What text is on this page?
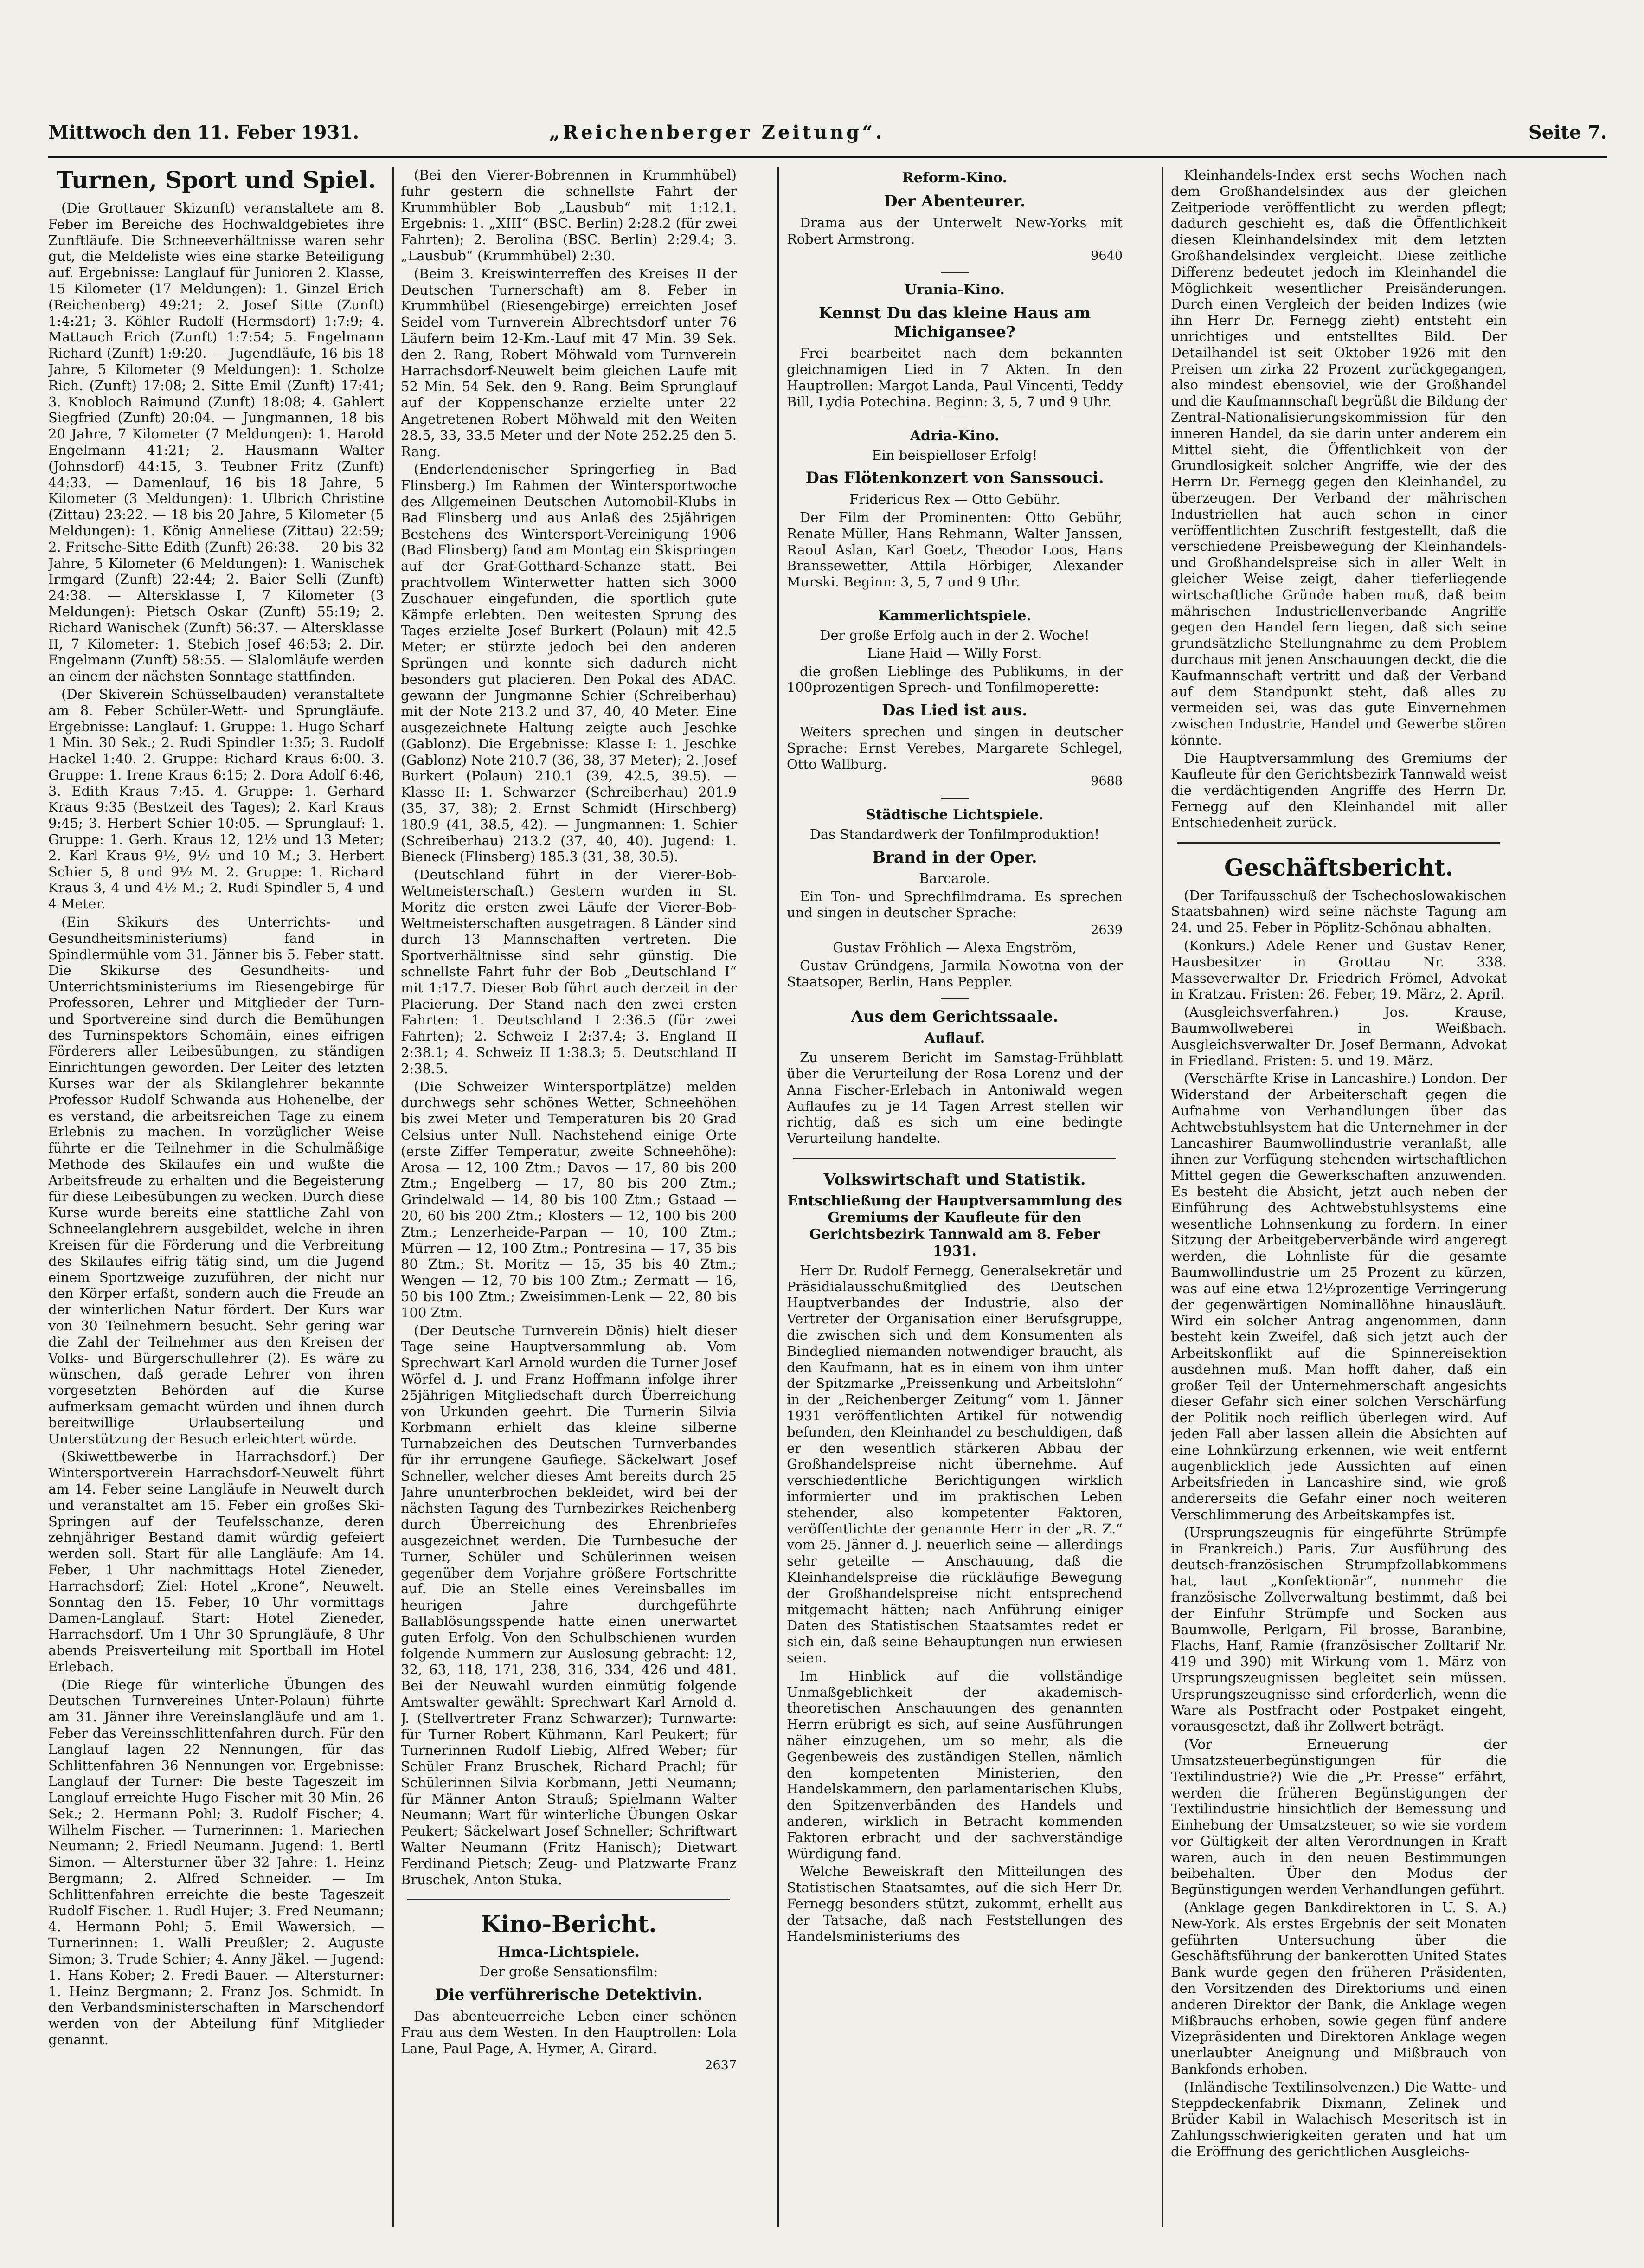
Mittwoch den 11. Feber 1931.	„Reichenberger Zeitung“.	Seite 7.
Turnen, Sport und Spiel.

(Die Grottauer Skizunft) veranstaltete am 8. Feber im Bereiche des Hochwaldgebietes ihre Zunftläufe. Die Schneeverhältnisse waren sehr gut, die Meldeliste wies eine starke Beteiligung auf. Ergebnisse: Langlauf für Junioren 2. Klasse, 15 Kilometer (17 Meldungen): 1. Ginzel Erich (Reichenberg) 49:21; 2. Josef Sitte (Zunft) 1:4:21; 3. Köhler Rudolf (Hermsdorf) 1:7:9; 4. Mattauch Erich (Zunft) 1:7:54; 5. Engelmann Richard (Zunft) 1:9:20. — Jugendläufe, 16 bis 18 Jahre, 5 Kilometer (9 Meldungen): 1. Scholze Rich. (Zunft) 17:08; 2. Sitte Emil (Zunft) 17:41; 3. Knobloch Raimund (Zunft) 18:08; 4. Gahlert Siegfried (Zunft) 20:04. — Jungmannen, 18 bis 20 Jahre, 7 Kilometer (7 Meldungen): 1. Harold Engelmann 41:21; 2. Hausmann Walter (Johnsdorf) 44:15, 3. Teubner Fritz (Zunft) 44:33. — Damenlauf, 16 bis 18 Jahre, 5 Kilometer (3 Meldungen): 1. Ulbrich Christine (Zittau) 23:22. — 18 bis 20 Jahre, 5 Kilometer (5 Meldungen): 1. König Anneliese (Zittau) 22:59; 2. Fritsche-Sitte Edith (Zunft) 26:38. — 20 bis 32 Jahre, 5 Kilometer (6 Meldungen): 1. Wanischek Irmgard (Zunft) 22:44; 2. Baier Selli (Zunft) 24:38. — Altersklasse I, 7 Kilometer (3 Meldungen): Pietsch Oskar (Zunft) 55:19; 2. Richard Wanischek (Zunft) 56:37. — Altersklasse II, 7 Kilometer: 1. Stebich Josef 46:53; 2. Dir. Engelmann (Zunft) 58:55. — Slalomläufe werden an einem der nächsten Sonntage stattfinden.

(Der Skiverein Schüsselbauden) veranstaltete am 8. Feber Schüler-Wett- und Sprungläufe. Ergebnisse: Langlauf: 1. Gruppe: 1. Hugo Scharf 1 Min. 30 Sek.; 2. Rudi Spindler 1:35; 3. Rudolf Hackel 1:40. 2. Gruppe: Richard Kraus 6:00. 3. Gruppe: 1. Irene Kraus 6:15; 2. Dora Adolf 6:46, 3. Edith Kraus 7:45. 4. Gruppe: 1. Gerhard Kraus 9:35 (Bestzeit des Tages); 2. Karl Kraus 9:45; 3. Herbert Schier 10:05. — Sprunglauf: 1. Gruppe: 1. Gerh. Kraus 12, 12½ und 13 Meter; 2. Karl Kraus 9½, 9½ und 10 M.; 3. Herbert Schier 5, 8 und 9½ M. 2. Gruppe: 1. Richard Kraus 3, 4 und 4½ M.; 2. Rudi Spindler 5, 4 und 4 Meter.

(Ein Skikurs des Unterrichts- und Gesundheitsministeriums) fand in Spindlermühle vom 31. Jänner bis 5. Feber statt. Die Skikurse des Gesundheits- und Unterrichtsministeriums im Riesengebirge für Professoren, Lehrer und Mitglieder der Turn- und Sportvereine sind durch die Bemühungen des Turninspektors Schomäin, eines eifrigen Förderers aller Leibesübungen, zu ständigen Einrichtungen geworden. Der Leiter des letzten Kurses war der als Skilanglehrer bekannte Professor Rudolf Schwanda aus Hohenelbe, der es verstand, die arbeitsreichen Tage zu einem Erlebnis zu machen. In vorzüglicher Weise führte er die Teilnehmer in die Schulmäßige Methode des Skilaufes ein und wußte die Arbeitsfreude zu erhalten und die Begeisterung für diese Leibesübungen zu wecken. Durch diese Kurse wurde bereits eine stattliche Zahl von Schneelanglehrern ausgebildet, welche in ihren Kreisen für die Förderung und die Verbreitung des Skilaufes eifrig tätig sind, um die Jugend einem Sportzweige zuzuführen, der nicht nur den Körper erfaßt, sondern auch die Freude an der winterlichen Natur fördert. Der Kurs war von 30 Teilnehmern besucht. Sehr gering war die Zahl der Teilnehmer aus den Kreisen der Volks- und Bürgerschullehrer (2). Es wäre zu wünschen, daß gerade Lehrer von ihren vorgesetzten Behörden auf die Kurse aufmerksam gemacht würden und ihnen durch bereitwillige Urlaubserteilung und Unterstützung der Besuch erleichtert würde.

(Skiwettbewerbe in Harrachsdorf.) Der Wintersportverein Harrachsdorf-Neuwelt führt am 14. Feber seine Langläufe in Neuwelt durch und veranstaltet am 15. Feber ein großes Ski-Springen auf der Teufelsschanze, deren zehnjähriger Bestand damit würdig gefeiert werden soll. Start für alle Langläufe: Am 14. Feber, 1 Uhr nachmittags Hotel Zieneder, Harrachsdorf; Ziel: Hotel „Krone“, Neuwelt. Sonntag den 15. Feber, 10 Uhr vormittags Damen-Langlauf. Start: Hotel Zieneder, Harrachsdorf. Um 1 Uhr 30 Sprungläufe, 8 Uhr abends Preisverteilung mit Sportball im Hotel Erlebach.

(Die Riege für winterliche Übungen des Deutschen Turnvereines Unter-Polaun) führte am 31. Jänner ihre Vereinslangläufe und am 1. Feber das Vereinsschlittenfahren durch. Für den Langlauf lagen 22 Nennungen, für das Schlittenfahren 36 Nennungen vor. Ergebnisse: Langlauf der Turner: Die beste Tageszeit im Langlauf erreichte Hugo Fischer mit 30 Min. 26 Sek.; 2. Hermann Pohl; 3. Rudolf Fischer; 4. Wilhelm Fischer. — Turnerinnen: 1. Mariechen Neumann; 2. Friedl Neumann. Jugend: 1. Bertl Simon. — Altersturner über 32 Jahre: 1. Heinz Bergmann; 2. Alfred Schneider. — Im Schlittenfahren erreichte die beste Tageszeit Rudolf Fischer. 1. Rudl Hujer; 3. Fred Neumann; 4. Hermann Pohl; 5. Emil Wawersich. — Turnerinnen: 1. Walli Preußler; 2. Auguste Simon; 3. Trude Schier; 4. Anny Jäkel. — Jugend: 1. Hans Kober; 2. Fredi Bauer. — Altersturner: 1. Heinz Bergmann; 2. Franz Jos. Schmidt. In den Verbandsministerschaften in Marschendorf werden von der Abteilung fünf Mitglieder genannt.

(Bei den Vierer-Bobrennen in Krummhübel) fuhr gestern die schnellste Fahrt der Krummhübler Bob „Lausbub“ mit 1:12.1. Ergebnis: 1. „XIII“ (BSC. Berlin) 2:28.2 (für zwei Fahrten); 2. Berolina (BSC. Berlin) 2:29.4; 3. „Lausbub“ (Krummhübel) 2:30.

(Beim 3. Kreiswinterreffen des Kreises II der Deutschen Turnerschaft) am 8. Feber in Krummhübel (Riesengebirge) erreichten Josef Seidel vom Turnverein Albrechtsdorf unter 76 Läufern beim 12-Km.-Lauf mit 47 Min. 39 Sek. den 2. Rang, Robert Möhwald vom Turnverein Harrachsdorf-Neuwelt beim gleichen Laufe mit 52 Min. 54 Sek. den 9. Rang. Beim Sprunglauf auf der Koppenschanze erzielte unter 22 Angetretenen Robert Möhwald mit den Weiten 28.5, 33, 33.5 Meter und der Note 252.25 den 5. Rang.

(Enderlendenischer Springerfieg in Bad Flinsberg.) Im Rahmen der Wintersportwoche des Allgemeinen Deutschen Automobil-Klubs in Bad Flinsberg und aus Anlaß des 25jährigen Bestehens des Wintersport-Vereinigung 1906 (Bad Flinsberg) fand am Montag ein Skispringen auf der Graf-Gotthard-Schanze statt. Bei prachtvollem Winterwetter hatten sich 3000 Zuschauer eingefunden, die sportlich gute Kämpfe erlebten. Den weitesten Sprung des Tages erzielte Josef Burkert (Polaun) mit 42.5 Meter; er stürzte jedoch bei den anderen Sprüngen und konnte sich dadurch nicht besonders gut placieren. Den Pokal des ADAC. gewann der Jungmanne Schier (Schreiberhau) mit der Note 213.2 und 37, 40, 40 Meter. Eine ausgezeichnete Haltung zeigte auch Jeschke (Gablonz). Die Ergebnisse: Klasse I: 1. Jeschke (Gablonz) Note 210.7 (36, 38, 37 Meter); 2. Josef Burkert (Polaun) 210.1 (39, 42.5, 39.5). — Klasse II: 1. Schwarzer (Schreiberhau) 201.9 (35, 37, 38); 2. Ernst Schmidt (Hirschberg) 180.9 (41, 38.5, 42). — Jungmannen: 1. Schier (Schreiberhau) 213.2 (37, 40, 40). Jugend: 1. Bieneck (Flinsberg) 185.3 (31, 38, 30.5).

(Deutschland führt in der Vierer-Bob-Weltmeisterschaft.) Gestern wurden in St. Moritz die ersten zwei Läufe der Vierer-Bob-Weltmeisterschaften ausgetragen. 8 Länder sind durch 13 Mannschaften vertreten. Die Sportverhältnisse sind sehr günstig. Die schnellste Fahrt fuhr der Bob „Deutschland I“ mit 1:17.7. Dieser Bob führt auch derzeit in der Placierung. Der Stand nach den zwei ersten Fahrten: 1. Deutschland I 2:36.5 (für zwei Fahrten); 2. Schweiz I 2:37.4; 3. England II 2:38.1; 4. Schweiz II 1:38.3; 5. Deutschland II 2:38.5.

(Die Schweizer Wintersportplätze) melden durchwegs sehr schönes Wetter, Schneehöhen bis zwei Meter und Temperaturen bis 20 Grad Celsius unter Null. Nachstehend einige Orte (erste Ziffer Temperatur, zweite Schneehöhe): Arosa — 12, 100 Ztm.; Davos — 17, 80 bis 200 Ztm.; Engelberg — 17, 80 bis 200 Ztm.; Grindelwald — 14, 80 bis 100 Ztm.; Gstaad — 20, 60 bis 200 Ztm.; Klosters — 12, 100 bis 200 Ztm.; Lenzerheide-Parpan — 10, 100 Ztm.; Mürren — 12, 100 Ztm.; Pontresina — 17, 35 bis 80 Ztm.; St. Moritz — 15, 35 bis 40 Ztm.; Wengen — 12, 70 bis 100 Ztm.; Zermatt — 16, 50 bis 100 Ztm.; Zweisimmen-Lenk — 22, 80 bis 100 Ztm.

(Der Deutsche Turnverein Dönis) hielt dieser Tage seine Hauptversammlung ab. Vom Sprechwart Karl Arnold wurden die Turner Josef Wörfel d. J. und Franz Hoffmann infolge ihrer 25jährigen Mitgliedschaft durch Überreichung von Urkunden geehrt. Die Turnerin Silvia Korbmann erhielt das kleine silberne Turnabzeichen des Deutschen Turnverbandes für ihr errungene Gaufiege. Säckelwart Josef Schneller, welcher dieses Amt bereits durch 25 Jahre ununterbrochen bekleidet, wird bei der nächsten Tagung des Turnbezirkes Reichenberg durch Überreichung des Ehrenbriefes ausgezeichnet werden. Die Turnbesuche der Turner, Schüler und Schülerinnen weisen gegenüber dem Vorjahre größere Fortschritte auf. Die an Stelle eines Vereinsballes im heurigen Jahre durchgeführte Ballablösungsspende hatte einen unerwartet guten Erfolg. Von den Schulbschienen wurden folgende Nummern zur Auslosung gebracht: 12, 32, 63, 118, 171, 238, 316, 334, 426 und 481. Bei der Neuwahl wurden einmütig folgende Amtswalter gewählt: Sprechwart Karl Arnold d. J. (Stellvertreter Franz Schwarzer); Turnwarte: für Turner Robert Kühmann, Karl Peukert; für Turnerinnen Rudolf Liebig, Alfred Weber; für Schüler Franz Bruschek, Richard Prachl; für Schülerinnen Silvia Korbmann, Jetti Neumann; für Männer Anton Strauß; Spielmann Walter Neumann; Wart für winterliche Übungen Oskar Peukert; Säckelwart Josef Schneller; Schriftwart Walter Neumann (Fritz Hanisch); Dietwart Ferdinand Pietsch; Zeug- und Platzwarte Franz Bruschek, Anton Stuka.

Kino-Bericht.
Hmca-Lichtspiele.
Der große Sensationsfilm:
Die verführerische Detektivin.

Das abenteuerreiche Leben einer schönen Frau aus dem Westen. In den Hauptrollen: Lola Lane, Paul Page, A. Hymer, A. Girard.

2637
Reform-Kino.
Der Abenteurer.

Drama aus der Unterwelt New-Yorks mit Robert Armstrong.

9640
Urania-Kino.
Kennst Du das kleine Haus am Michigansee?

Frei bearbeitet nach dem bekannten gleichnamigen Lied in 7 Akten. In den Hauptrollen: Margot Landa, Paul Vincenti, Teddy Bill, Lydia Potechina. Beginn: 3, 5, 7 und 9 Uhr.

Adria-Kino.
Ein beispielloser Erfolg!
Das Flötenkonzert von Sanssouci.
Fridericus Rex — Otto Gebühr.

Der Film der Prominenten: Otto Gebühr, Renate Müller, Hans Rehmann, Walter Janssen, Raoul Aslan, Karl Goetz, Theodor Loos, Hans Branssewetter, Attila Hörbiger, Alexander Murski. Beginn: 3, 5, 7 und 9 Uhr.

Kammerlichtspiele.
Der große Erfolg auch in der 2. Woche!
Liane Haid — Willy Forst.

die großen Lieblinge des Publikums, in der 100prozentigen Sprech- und Tonfilmoperette:

Das Lied ist aus.

Weiters sprechen und singen in deutscher Sprache: Ernst Verebes, Margarete Schlegel, Otto Wallburg.

9688
Städtische Lichtspiele.
Das Standardwerk der Tonfilmproduktion!
Brand in der Oper.
Barcarole.

Ein Ton- und Sprechfilmdrama. Es sprechen und singen in deutscher Sprache:

2639
Gustav Fröhlich — Alexa Engström,

Gustav Gründgens, Jarmila Nowotna von der Staatsoper, Berlin, Hans Peppler.

Aus dem Gerichtssaale.
Auflauf.

Zu unserem Bericht im Samstag-Frühblatt über die Verurteilung der Rosa Lorenz und der Anna Fischer-Erlebach in Antoniwald wegen Auflaufes zu je 14 Tagen Arrest stellen wir richtig, daß es sich um eine bedingte Verurteilung handelte.

Volkswirtschaft und Statistik.
Entschließung der Hauptversammlung des Gremiums der Kaufleute für den Gerichtsbezirk Tannwald am 8. Feber 1931.

Herr Dr. Rudolf Fernegg, Generalsekretär und Präsidialausschußmitglied des Deutschen Hauptverbandes der Industrie, also der Vertreter der Organisation einer Berufsgruppe, die zwischen sich und dem Konsumenten als Bindeglied niemanden notwendiger braucht, als den Kaufmann, hat es in einem von ihm unter der Spitzmarke „Preissenkung und Arbeitslohn“ in der „Reichenberger Zeitung“ vom 1. Jänner 1931 veröffentlichten Artikel für notwendig befunden, den Kleinhandel zu beschuldigen, daß er den wesentlich stärkeren Abbau der Großhandelspreise nicht übernehme. Auf verschiedentliche Berichtigungen wirklich informierter und im praktischen Leben stehender, also kompetenter Faktoren, veröffentlichte der genannte Herr in der „R. Z.“ vom 25. Jänner d. J. neuerlich seine — allerdings sehr geteilte — Anschauung, daß die Kleinhandelspreise die rückläufige Bewegung der Großhandelspreise nicht entsprechend mitgemacht hätten; nach Anführung einiger Daten des Statistischen Staatsamtes redet er sich ein, daß seine Behauptungen nun erwiesen seien.

Im Hinblick auf die vollständige Unmaßgeblichkeit der akademisch-theoretischen Anschauungen des genannten Herrn erübrigt es sich, auf seine Ausführungen näher einzugehen, um so mehr, als die Gegenbeweis des zuständigen Stellen, nämlich den kompetenten Ministerien, den Handelskammern, den parlamentarischen Klubs, den Spitzenverbänden des Handels und anderen, wirklich in Betracht kommenden Faktoren erbracht und der sachverständige Würdigung fand.

Welche Beweiskraft den Mitteilungen des Statistischen Staatsamtes, auf die sich Herr Dr. Fernegg besonders stützt, zukommt, erhellt aus der Tatsache, daß nach Feststellungen des Handelsministeriums des

Kleinhandels-Index erst sechs Wochen nach dem Großhandelsindex aus der gleichen Zeitperiode veröffentlicht zu werden pflegt; dadurch geschieht es, daß die Öffentlichkeit diesen Kleinhandelsindex mit dem letzten Großhandelsindex vergleicht. Diese zeitliche Differenz bedeutet jedoch im Kleinhandel die Möglichkeit wesentlicher Preisänderungen. Durch einen Vergleich der beiden Indizes (wie ihn Herr Dr. Fernegg zieht) entsteht ein unrichtiges und entstelltes Bild. Der Detailhandel ist seit Oktober 1926 mit den Preisen um zirka 22 Prozent zurückgegangen, also mindest ebensoviel, wie der Großhandel und die Kaufmannschaft begrüßt die Bildung der Zentral-Nationalisierungskommission für den inneren Handel, da sie darin unter anderem ein Mittel sieht, die Öffentlichkeit von der Grundlosigkeit solcher Angriffe, wie der des Herrn Dr. Fernegg gegen den Kleinhandel, zu überzeugen. Der Verband der mährischen Industriellen hat auch schon in einer veröffentlichten Zuschrift festgestellt, daß die verschiedene Preisbewegung der Kleinhandels- und Großhandelspreise sich in aller Welt in gleicher Weise zeigt, daher tieferliegende wirtschaftliche Gründe haben muß, daß beim mährischen Industriellenverbande Angriffe gegen den Handel fern liegen, daß sich seine grundsätzliche Stellungnahme zu dem Problem durchaus mit jenen Anschauungen deckt, die die Kaufmannschaft vertritt und daß der Verband auf dem Standpunkt steht, daß alles zu vermeiden sei, was das gute Einvernehmen zwischen Industrie, Handel und Gewerbe stören könnte.

Die Hauptversammlung des Gremiums der Kaufleute für den Gerichtsbezirk Tannwald weist die verdächtigenden Angriffe des Herrn Dr. Fernegg auf den Kleinhandel mit aller Entschiedenheit zurück.

Geschäftsbericht.

(Der Tarifausschuß der Tschechoslowakischen Staatsbahnen) wird seine nächste Tagung am 24. und 25. Feber in Pöplitz-Schönau abhalten.

(Konkurs.) Adele Rener und Gustav Rener, Hausbesitzer in Grottau Nr. 338. Masseverwalter Dr. Friedrich Frömel, Advokat in Kratzau. Fristen: 26. Feber, 19. März, 2. April.

(Ausgleichsverfahren.) Jos. Krause, Baumwollweberei in Weißbach. Ausgleichsverwalter Dr. Josef Bermann, Advokat in Friedland. Fristen: 5. und 19. März.

(Verschärfte Krise in Lancashire.) London. Der Widerstand der Arbeiterschaft gegen die Aufnahme von Verhandlungen über das Achtwebstuhlsystem hat die Unternehmer in der Lancashirer Baumwollindustrie veranlaßt, alle ihnen zur Verfügung stehenden wirtschaftlichen Mittel gegen die Gewerkschaften anzuwenden. Es besteht die Absicht, jetzt auch neben der Einführung des Achtwebstuhlsystems eine wesentliche Lohnsenkung zu fordern. In einer Sitzung der Arbeitgeberverbände wird angeregt werden, die Lohnliste für die gesamte Baumwollindustrie um 25 Prozent zu kürzen, was auf eine etwa 12½prozentige Verringerung der gegenwärtigen Nominallöhne hinausläuft. Wird ein solcher Antrag angenommen, dann besteht kein Zweifel, daß sich jetzt auch der Arbeitskonflikt auf die Spinnereisektion ausdehnen muß. Man hofft daher, daß ein großer Teil der Unternehmerschaft angesichts dieser Gefahr sich einer solchen Verschärfung der Politik noch reiflich überlegen wird. Auf jeden Fall aber lassen allein die Absichten auf eine Lohnkürzung erkennen, wie weit entfernt augenblicklich jede Aussichten auf einen Arbeitsfrieden in Lancashire sind, wie groß andererseits die Gefahr einer noch weiteren Verschlimmerung des Arbeitskampfes ist.

(Ursprungszeugnis für eingeführte Strümpfe in Frankreich.) Paris. Zur Ausführung des deutsch-französischen Strumpfzollabkommens hat, laut „Konfektionär“, nunmehr die französische Zollverwaltung bestimmt, daß bei der Einfuhr Strümpfe und Socken aus Baumwolle, Perlgarn, Fil brosse, Baranbine, Flachs, Hanf, Ramie (französischer Zolltarif Nr. 419 und 390) mit Wirkung vom 1. März von Ursprungszeugnissen begleitet sein müssen. Ursprungszeugnisse sind erforderlich, wenn die Ware als Postfracht oder Postpaket eingeht, vorausgesetzt, daß ihr Zollwert beträgt.

(Vor Erneuerung der Umsatzsteuerbegünstigungen für die Textilindustrie?) Wie die „Pr. Presse“ erfährt, werden die früheren Begünstigungen der Textilindustrie hinsichtlich der Bemessung und Einhebung der Umsatzsteuer, so wie sie vordem vor Gültigkeit der alten Verordnungen in Kraft waren, auch in den neuen Bestimmungen beibehalten. Über den Modus der Begünstigungen werden Verhandlungen geführt.

(Anklage gegen Bankdirektoren in U. S. A.) New-York. Als erstes Ergebnis der seit Monaten geführten Untersuchung über die Geschäftsführung der bankerotten United States Bank wurde gegen den früheren Präsidenten, den Vorsitzenden des Direktoriums und einen anderen Direktor der Bank, die Anklage wegen Mißbrauchs erhoben, sowie gegen fünf andere Vizepräsidenten und Direktoren Anklage wegen unerlaubter Aneignung und Mißbrauch von Bankfonds erhoben.

(Inländische Textilinsolvenzen.) Die Watte- und Steppdeckenfabrik Dixmann, Zelinek und Brüder Kabil in Walachisch Meseritsch ist in Zahlungsschwierigkeiten geraten und hat um die Eröffnung des gerichtlichen Ausgleichs-
